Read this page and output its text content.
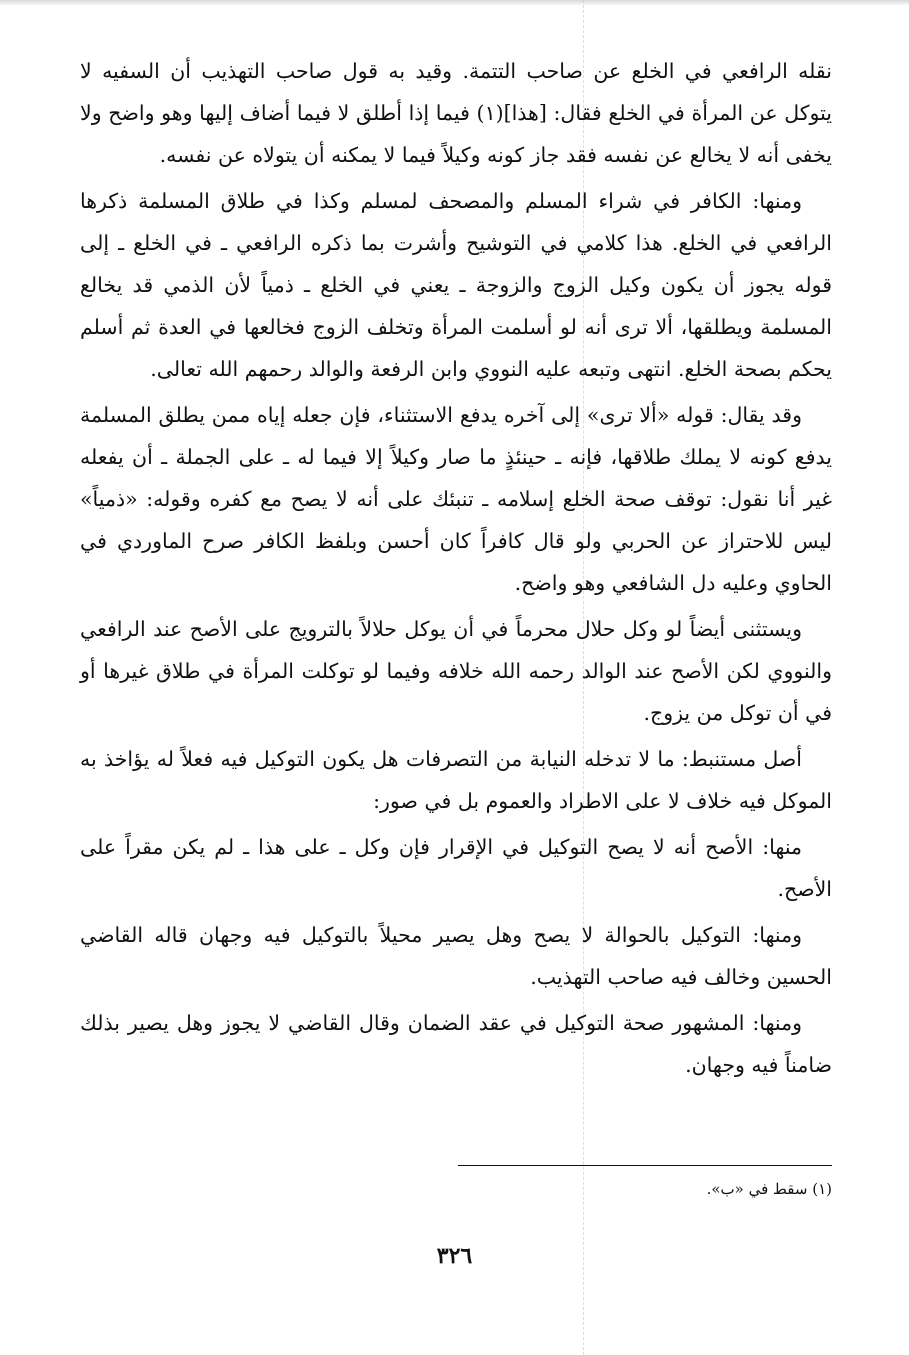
نقله الرافعي في الخلع عن صاحب التتمة. وقيد به قول صاحب التهذيب أن السفيه لا يتوكل عن المرأة في الخلع فقال: [هذا](١) فيما إذا أطلق لا فيما أضاف إليها وهو واضح ولا يخفى أنه لا يخالع عن نفسه فقد جاز كونه وكيلاً فيما لا يمكنه أن يتولاه عن نفسه.

ومنها: الكافر في شراء المسلم والمصحف لمسلم وكذا في طلاق المسلمة ذكرها الرافعي في الخلع. هذا كلامي في التوشيح وأشرت بما ذكره الرافعي ـ في الخلع ـ إلى قوله يجوز أن يكون وكيل الزوج والزوجة ـ يعني في الخلع ـ ذمياً لأن الذمي قد يخالع المسلمة ويطلقها، ألا ترى أنه لو أسلمت المرأة وتخلف الزوج فخالعها في العدة ثم أسلم يحكم بصحة الخلع. انتهى وتبعه عليه النووي وابن الرفعة والوالد رحمهم الله تعالى.

وقد يقال: قوله «ألا ترى» إلى آخره يدفع الاستثناء، فإن جعله إياه ممن يطلق المسلمة يدفع كونه لا يملك طلاقها، فإنه ـ حينئذٍ ما صار وكيلاً إلا فيما له ـ على الجملة ـ أن يفعله غير أنا نقول: توقف صحة الخلع إسلامه ـ تنبئك على أنه لا يصح مع كفره وقوله: «ذمياً» ليس للاحتراز عن الحربي ولو قال كافراً كان أحسن وبلفظ الكافر صرح الماوردي في الحاوي وعليه دل الشافعي وهو واضح.

ويستثنى أيضاً لو وكل حلال محرماً في أن يوكل حلالاً بالترويج على الأصح عند الرافعي والنووي لكن الأصح عند الوالد رحمه الله خلافه وفيما لو توكلت المرأة في طلاق غيرها أو في أن توكل من يزوج.

أصل مستنبط: ما لا تدخله النيابة من التصرفات هل يكون التوكيل فيه فعلاً له يؤاخذ به الموكل فيه خلاف لا على الاطراد والعموم بل في صور:

منها: الأصح أنه لا يصح التوكيل في الإقرار فإن وكل ـ على هذا ـ لم يكن مقراً على الأصح.

ومنها: التوكيل بالحوالة لا يصح وهل يصير محيلاً بالتوكيل فيه وجهان قاله القاضي الحسين وخالف فيه صاحب التهذيب.

ومنها: المشهور صحة التوكيل في عقد الضمان وقال القاضي لا يجوز وهل يصير بذلك ضامناً فيه وجهان.

(١) سقط في «ب».
٣٢٦
